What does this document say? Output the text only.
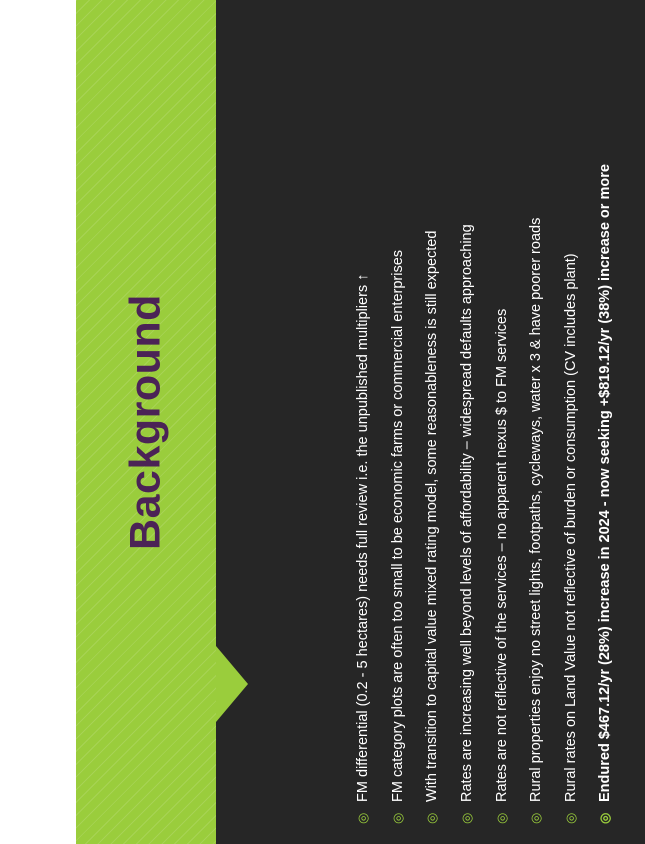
Background
◎
FM differential (0.2 - 5 hectares) needs full review i.e. the unpublished multipliers ↑
◎
FM category plots are often too small to be economic farms or commercial enterprises
◎
With transition to capital value mixed rating model, some reasonableness is still expected
◎
Rates are increasing well beyond levels of affordability – widespread defaults approaching
◎
Rates are not reflective of the services – no apparent nexus $ to FM services
◎
Rural properties enjoy no street lights, footpaths, cycleways, water x 3 & have poorer roads
◎
Rural rates on Land Value not reflective of burden or consumption (CV includes plant)
◎
Endured $467.12/yr (28%) increase in 2024 - now seeking +$819.12/yr (38%) increase or more
